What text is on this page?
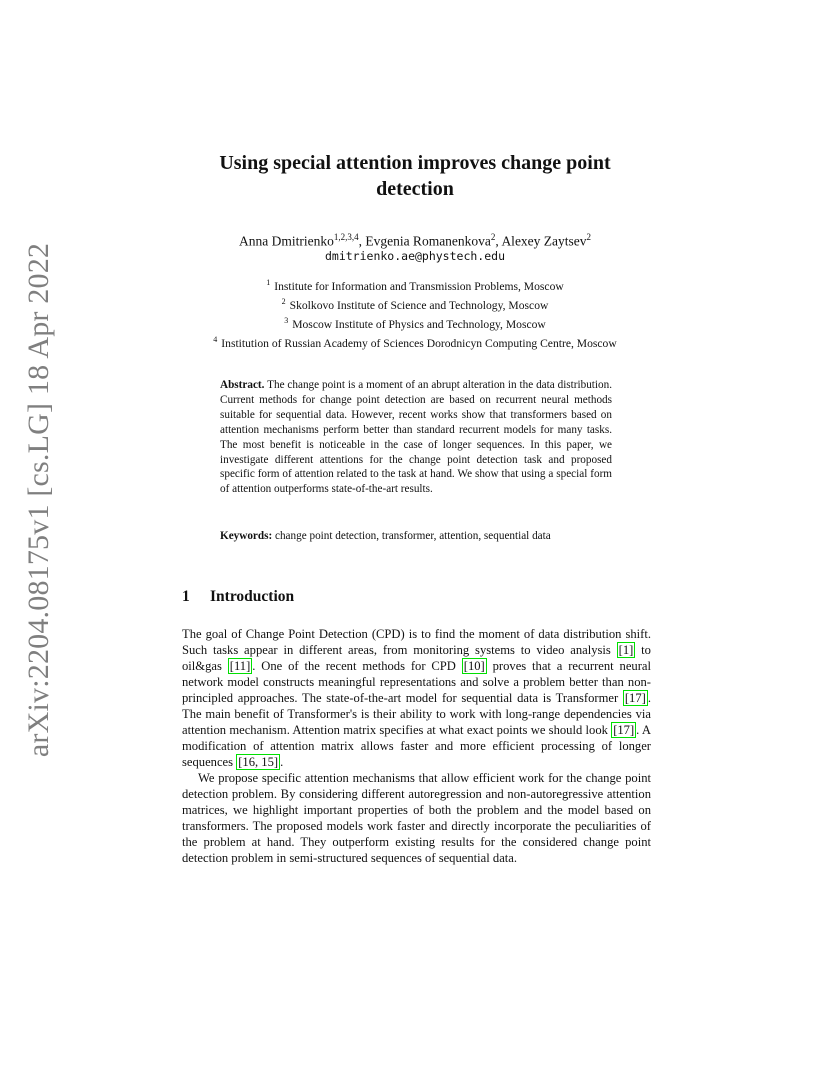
arXiv:2204.08175v1 [cs.LG] 18 Apr 2022
Using special attention improves change point detection
Anna Dmitrienko$^{1,2,3,4}$, Evgenia Romanenkova$^2$, Alexey Zaytsev$^2$
dmitrienko.ae@phystech.edu
$^1$ Institute for Information and Transmission Problems, Moscow
$^2$ Skolkovo Institute of Science and Technology, Moscow
$^3$ Moscow Institute of Physics and Technology, Moscow
$^4$ Institution of Russian Academy of Sciences Dorodnicyn Computing Centre, Moscow
Abstract. The change point is a moment of an abrupt alteration in the data distribution. Current methods for change point detection are based on recurrent neural methods suitable for sequential data. However, recent works show that transformers based on attention mechanisms perform better than standard recurrent models for many tasks. The most benefit is noticeable in the case of longer sequences. In this paper, we investigate different attentions for the change point detection task and proposed specific form of attention related to the task at hand. We show that using a special form of attention outperforms state-of-the-art results.
Keywords: change point detection, transformer, attention, sequential data
1 Introduction

The goal of Change Point Detection (CPD) is to find the moment of data distribution shift. Such tasks appear in different areas, from monitoring systems to video analysis [1] to oil&gas [11] . One of the recent methods for CPD [10] proves that a recurrent neural network model constructs meaningful representations and solve a problem better than non-principled approaches. The state-of-the-art model for sequential data is Transformer [17] . The main benefit of Transformer's is their ability to work with long-range dependencies via attention mechanism. Attention matrix specifies at what exact points we should look [17] . A modification of attention matrix allows faster and more efficient processing of longer sequences [16, 15] .

We propose specific attention mechanisms that allow efficient work for the change point detection problem. By considering different autoregression and non-autoregressive attention matrices, we highlight important properties of both the problem and the model based on transformers. The proposed models work faster and directly incorporate the peculiarities of the problem at hand. They outperform existing results for the considered change point detection problem in semi-structured sequences of sequential data.
